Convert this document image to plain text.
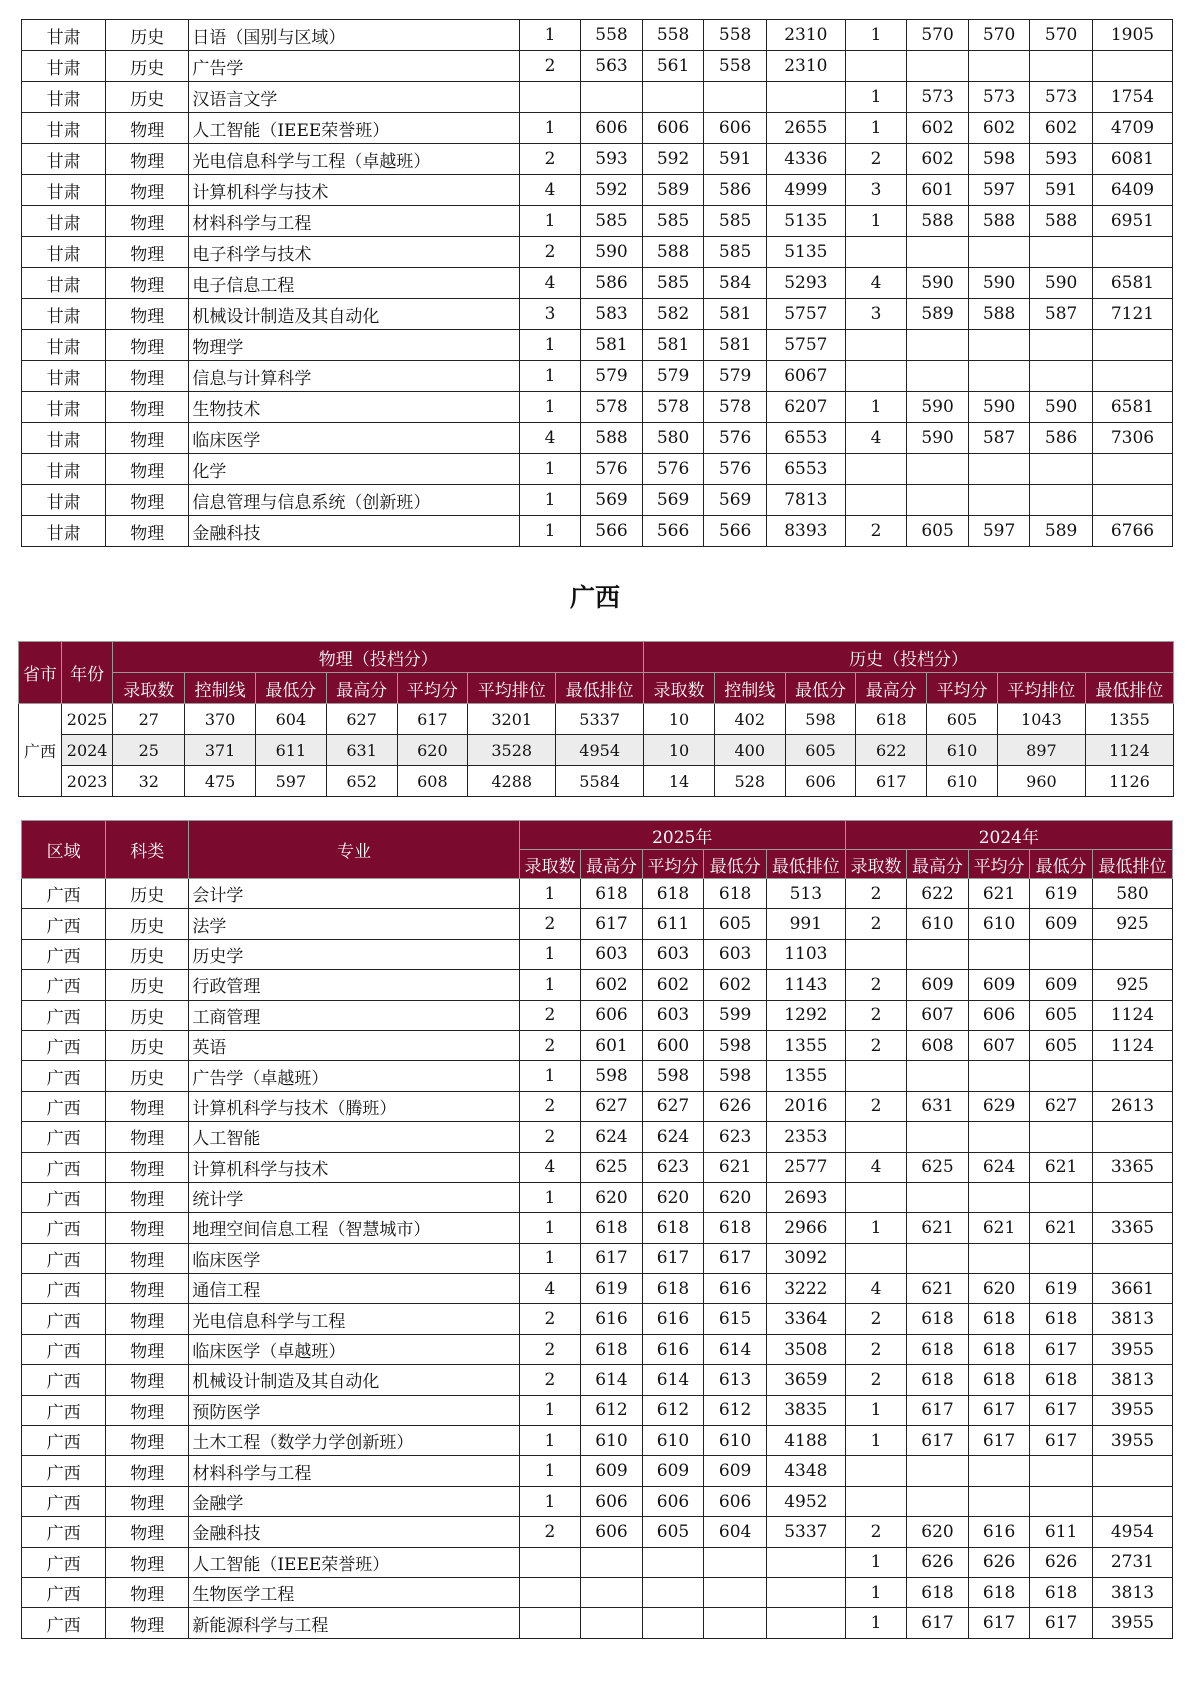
甘肃	历史	日语（国别与区域）	1	558	558	558	2310	1	570	570	570	1905
甘肃	历史	广告学	2	563	561	558	2310					
甘肃	历史	汉语言文学						1	573	573	573	1754
甘肃	物理	人工智能（IEEE荣誉班）	1	606	606	606	2655	1	602	602	602	4709
甘肃	物理	光电信息科学与工程（卓越班）	2	593	592	591	4336	2	602	598	593	6081
甘肃	物理	计算机科学与技术	4	592	589	586	4999	3	601	597	591	6409
甘肃	物理	材料科学与工程	1	585	585	585	5135	1	588	588	588	6951
甘肃	物理	电子科学与技术	2	590	588	585	5135					
甘肃	物理	电子信息工程	4	586	585	584	5293	4	590	590	590	6581
甘肃	物理	机械设计制造及其自动化	3	583	582	581	5757	3	589	588	587	7121
甘肃	物理	物理学	1	581	581	581	5757					
甘肃	物理	信息与计算科学	1	579	579	579	6067					
甘肃	物理	生物技术	1	578	578	578	6207	1	590	590	590	6581
甘肃	物理	临床医学	4	588	580	576	6553	4	590	587	586	7306
甘肃	物理	化学	1	576	576	576	6553					
甘肃	物理	信息管理与信息系统（创新班）	1	569	569	569	7813					
甘肃	物理	金融科技	1	566	566	566	8393	2	605	597	589	6766
广西
省市	年份	物理（投档分）							历史（投档分）						
		录取数	控制线	最低分	最高分	平均分	平均排位	最低排位	录取数	控制线	最低分	最高分	平均分	平均排位	最低排位
广西	2025	27	370	604	627	617	3201	5337	10	402	598	618	605	1043	1355
	2024	25	371	611	631	620	3528	4954	10	400	605	622	610	897	1124
	2023	32	475	597	652	608	4288	5584	14	528	606	617	610	960	1126
区域	科类	专业	2025年					2024年				
			录取数	最高分	平均分	最低分	最低排位	录取数	最高分	平均分	最低分	最低排位
广西	历史	会计学	1	618	618	618	513	2	622	621	619	580
广西	历史	法学	2	617	611	605	991	2	610	610	609	925
广西	历史	历史学	1	603	603	603	1103					
广西	历史	行政管理	1	602	602	602	1143	2	609	609	609	925
广西	历史	工商管理	2	606	603	599	1292	2	607	606	605	1124
广西	历史	英语	2	601	600	598	1355	2	608	607	605	1124
广西	历史	广告学（卓越班）	1	598	598	598	1355					
广西	物理	计算机科学与技术（腾班）	2	627	627	626	2016	2	631	629	627	2613
广西	物理	人工智能	2	624	624	623	2353					
广西	物理	计算机科学与技术	4	625	623	621	2577	4	625	624	621	3365
广西	物理	统计学	1	620	620	620	2693					
广西	物理	地理空间信息工程（智慧城市）	1	618	618	618	2966	1	621	621	621	3365
广西	物理	临床医学	1	617	617	617	3092					
广西	物理	通信工程	4	619	618	616	3222	4	621	620	619	3661
广西	物理	光电信息科学与工程	2	616	616	615	3364	2	618	618	618	3813
广西	物理	临床医学（卓越班）	2	618	616	614	3508	2	618	618	617	3955
广西	物理	机械设计制造及其自动化	2	614	614	613	3659	2	618	618	618	3813
广西	物理	预防医学	1	612	612	612	3835	1	617	617	617	3955
广西	物理	土木工程（数学力学创新班）	1	610	610	610	4188	1	617	617	617	3955
广西	物理	材料科学与工程	1	609	609	609	4348					
广西	物理	金融学	1	606	606	606	4952					
广西	物理	金融科技	2	606	605	604	5337	2	620	616	611	4954
广西	物理	人工智能（IEEE荣誉班）						1	626	626	626	2731
广西	物理	生物医学工程						1	618	618	618	3813
广西	物理	新能源科学与工程						1	617	617	617	3955
